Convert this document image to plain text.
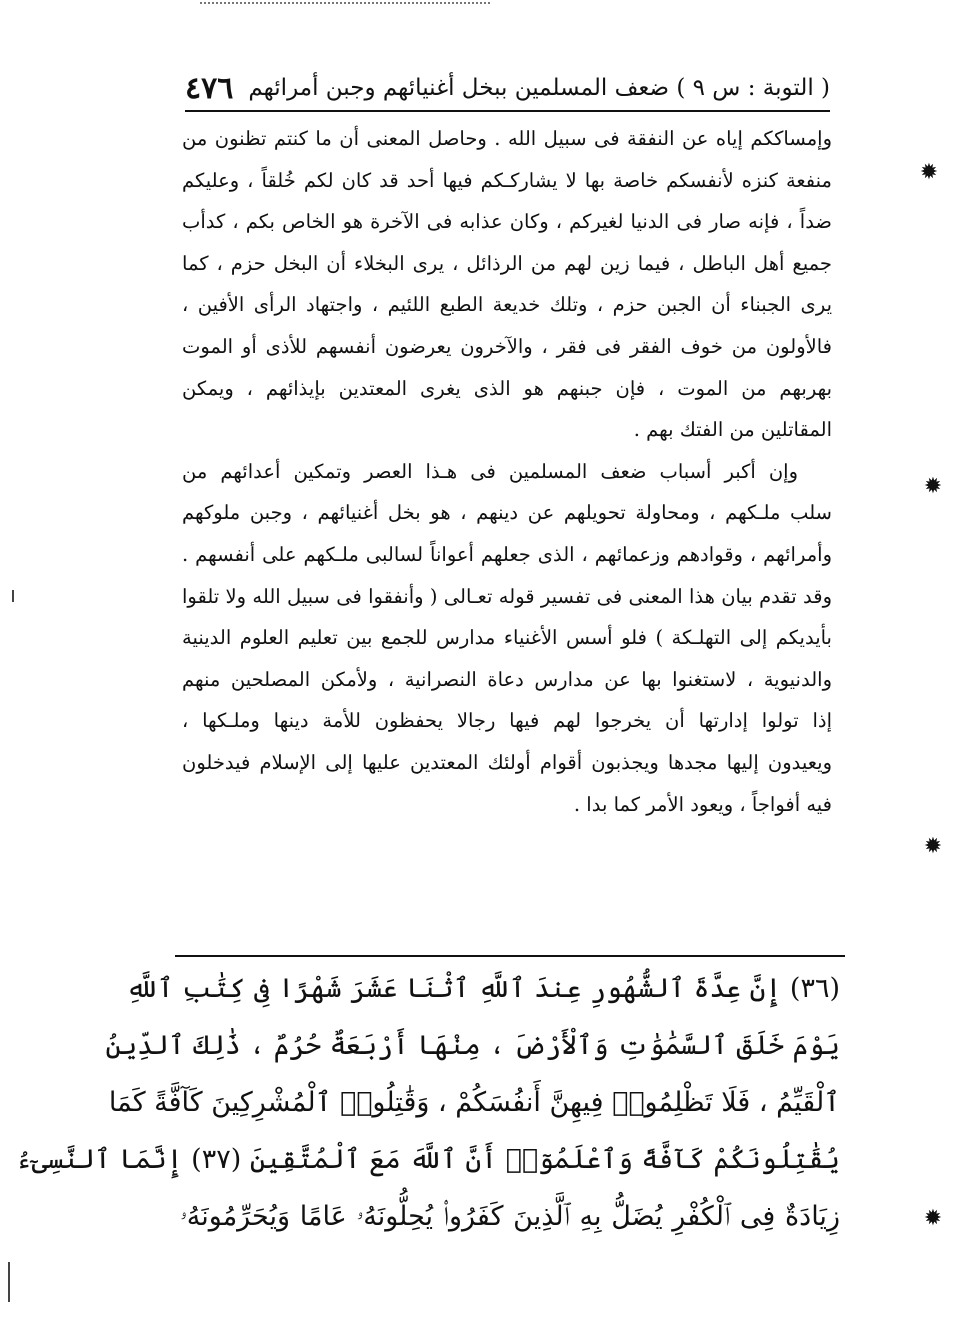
( التوبة : س ٩ ) ضعف المسلمين ببخل أغنيائهم وجبن أمرائهم
٤٧٦

وإمساككم إياه عن النفقة فى سبيل الله . وحاصل المعنى أن ما كنتم تظنون من
منفعة كنزه لأنفسكم خاصة بها لا يشاركـكم فيها أحد قد كان لكم خُلقاً ، وعليكم
ضداً ، فإنه صار فى الدنيا لغيركم ، وكان عذابه فى الآخرة هو الخاص بكم ، كدأب
جميع أهل الباطل ، فيما زين لهم من الرذائل ، يرى البخلاء أن البخل حزم ، كما
يرى الجبناء أن الجبن حزم ، وتلك خديعة الطبع اللئيم ، واجتهاد الرأى الأفين ،
فالأولون من خوف الفقر فى فقر ، والآخرون يعرضون أنفسهم للأذى أو الموت
بهربهم من الموت ، فإن جبنهم هو الذى يغرى المعتدين بإيذائهم ، ويمكن
المقاتلين من الفتك بهم .

وإن أكبر أسباب ضعف المسلمين فى هـذا العصر وتمكين أعدائهم من
سلب ملـكهم ، ومحاولة تحويلهم عن دينهم ، هو بخل أغنيائهم ، وجبن ملوكهم
وأمرائهم ، وقوادهم وزعمائهم ، الذى جعلهم أعواناً لسالبى ملـكهم على أنفسهم .
وقد تقدم بيان هذا المعنى فى تفسير قوله تعـالى ( وأنفقوا فى سبيل الله ولا تلقوا
بأيديكم إلى التهلـكة ) فلو أسس الأغنياء مدارس للجمع بين تعليم العلوم الدينية
والدنيوية ، لاستغنوا بها عن مدارس دعاة النصرانية ، ولأمكن المصلحين منهم
إذا تولوا إدارتها أن يخرجوا لهم فيها رجالا يحفظون للأمة دينها وملـكها ،
ويعيدون إليها مجدها ويجذبون أقوام أولئك المعتدين عليها إلى الإسلام فيدخلون
فيه أفواجاً ، ويعود الأمر كما بدا .

(٣٦) إِنَّ عِدَّةَ ٱلشُّهُورِ عِندَ ٱللَّهِ ٱثْنَا عَشَرَ شَهْرًا فِى كِتَٰبِ ٱللَّهِ
يَوْمَ خَلَقَ ٱلسَّمَٰوَٰتِ وَٱلْأَرْضَ ، مِنْهَا أَرْبَعَةٌ حُرُمٌ ، ذَٰلِكَ ٱلدِّينُ
ٱلْقَيِّمُ ، فَلَا تَظْلِمُوا۟ فِيهِنَّ أَنفُسَكُمْ ، وَقَٰتِلُوا۟ ٱلْمُشْرِكِينَ كَآفَّةً كَمَا
يُقَٰتِلُونَكُمْ كَآفَّةً وَٱعْلَمُوٓا۟ أَنَّ ٱللَّهَ مَعَ ٱلْمُتَّقِينَ (٣٧) إِنَّمَا ٱلنَّسِىٓءُ
زِيَادَةٌ فِى ٱلْكُفْرِ يُضَلُّ بِهِ ٱلَّذِينَ كَفَرُوا۟ يُحِلُّونَهُۥ عَامًا وَيُحَرِّمُونَهُۥ
✹
✹
✹
✹
